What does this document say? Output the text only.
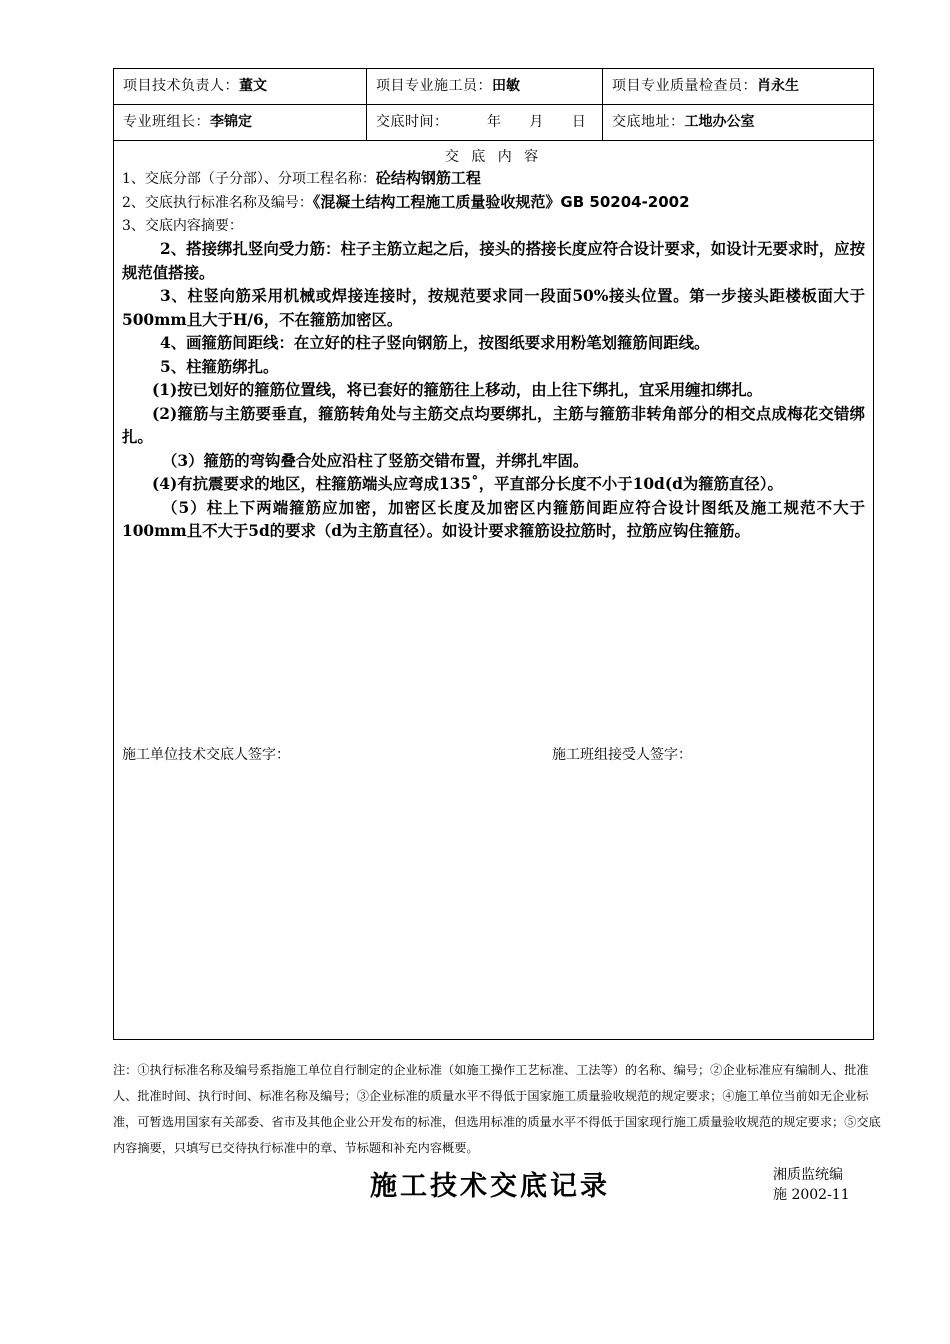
项目技术负责人：董文	项目专业施工员：田敏	项目专业质量检查员：肖永生
专业班组长：李锦定	交底时间：	年 月 日	交底地址：工地办公室
交 底 内 容
1、交底分部（子分部）、分项工程名称：砼结构钢筋工程
2、交底执行标准名称及编号：《混凝土结构工程施工质量验收规范》GB 50204-2002
3、交底内容摘要：

2、搭接绑扎竖向受力筋：柱子主筋立起之后，接头的搭接长度应符合设计要求，如设计无要求时，应按规范值搭接。

3、柱竖向筋采用机械或焊接连接时，按规范要求同一段面50%接头位置。第一步接头距楼板面大于500mm且大于H/6，不在箍筋加密区。

4、画箍筋间距线：在立好的柱子竖向钢筋上，按图纸要求用粉笔划箍筋间距线。

5、柱箍筋绑扎。

(1)按已划好的箍筋位置线，将已套好的箍筋往上移动，由上往下绑扎，宜采用缠扣绑扎。

(2)箍筋与主筋要垂直，箍筋转角处与主筋交点均要绑扎，主筋与箍筋非转角部分的相交点成梅花交错绑扎。

（3）箍筋的弯钩叠合处应沿柱了竖筋交错布置，并绑扎牢固。

(4)有抗震要求的地区，柱箍筋端头应弯成135˚，平直部分长度不小于10d(d为箍筋直径）。

（5）柱上下两端箍筋应加密，加密区长度及加密区内箍筋间距应符合设计图纸及施工规范不大于100mm且不大于5d的要求（d为主筋直径）。如设计要求箍筋设拉筋时，拉筋应钩住箍筋。

施工单位技术交底人签字：	施工班组接受人签字：
注：①执行标准名称及编号系指施工单位自行制定的企业标准（如施工操作工艺标准、工法等）的名称、编号；②企业标准应有编制人、批准人、批准时间、执行时间、标准名称及编号；③企业标准的质量水平不得低于国家施工质量验收规范的规定要求；④施工单位当前如无企业标准，可暂选用国家有关部委、省市及其他企业公开发布的标准，但选用标准的质量水平不得低于国家现行施工质量验收规范的规定要求；⑤交底内容摘要，只填写已交待执行标准中的章、节标题和补充内容概要。
施工技术交底记录	湘质监统编
施 2002-11
